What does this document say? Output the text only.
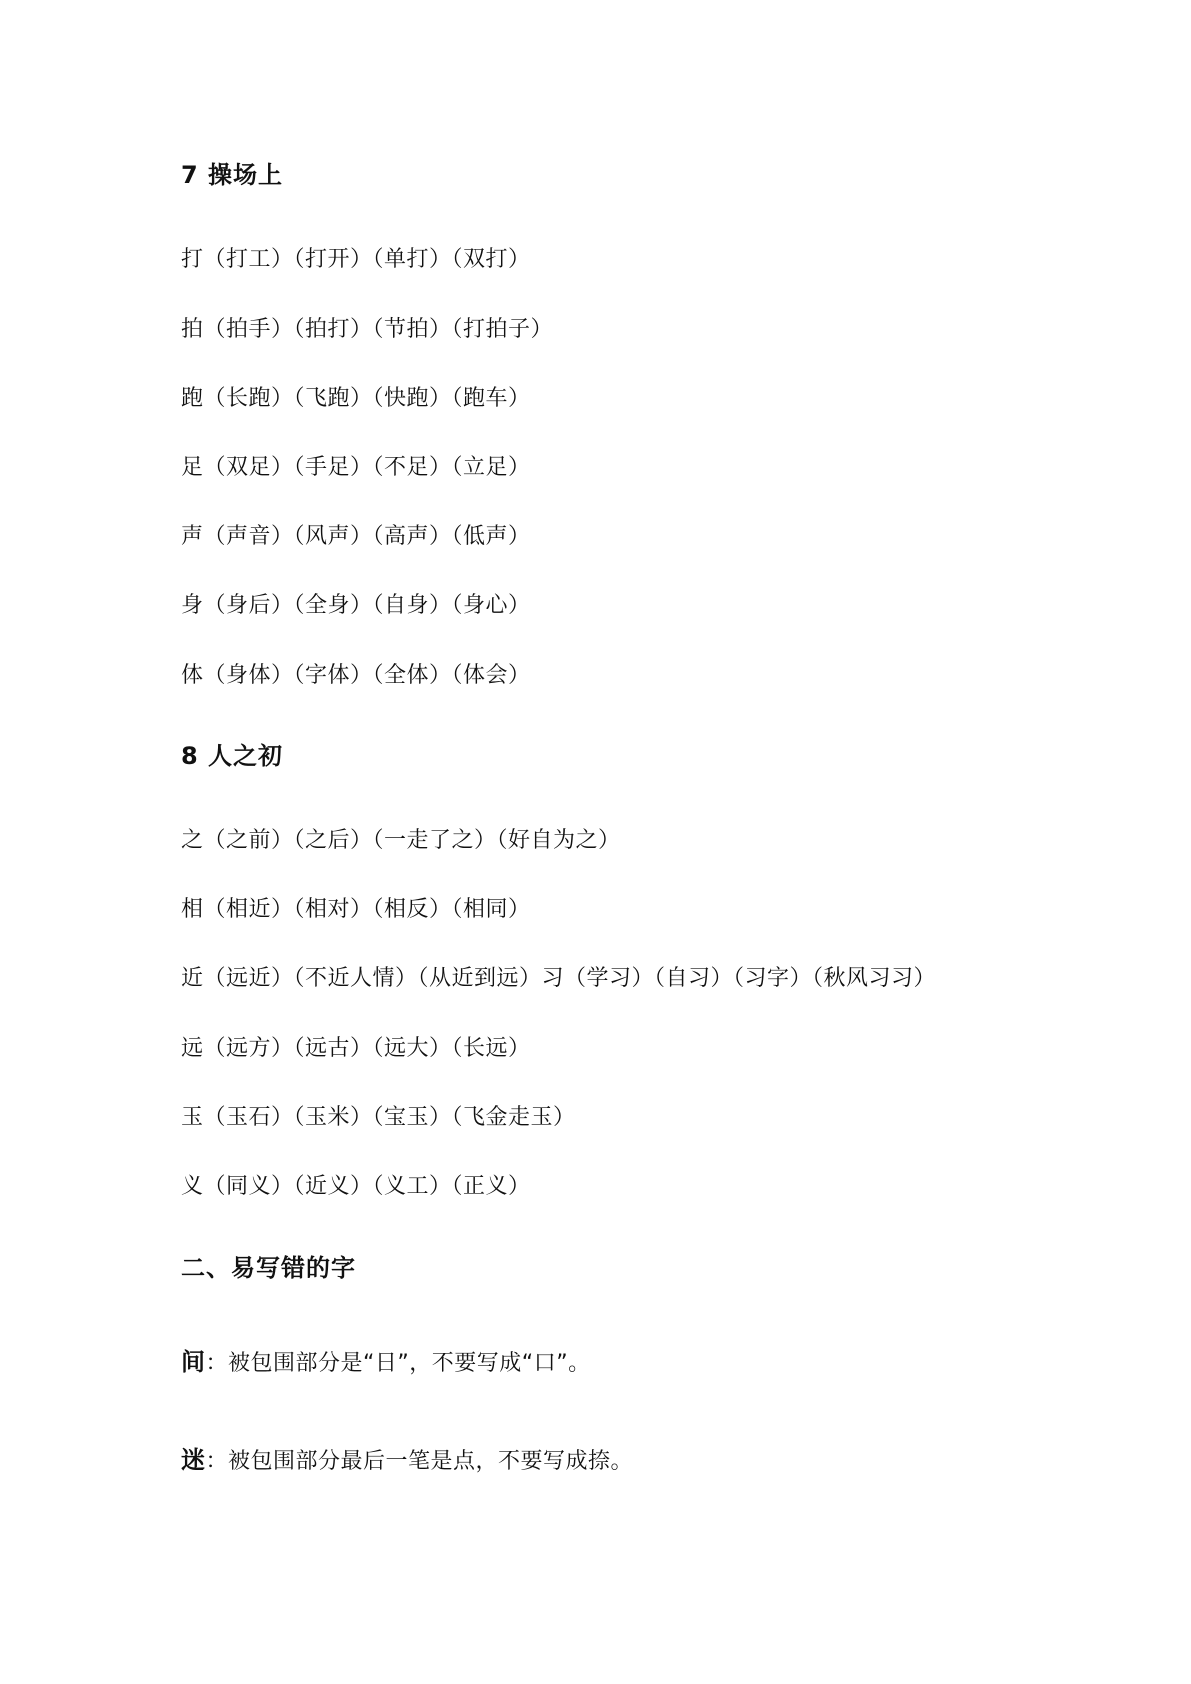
7 操场上
打（打工）（打开）（单打）（双打）
拍（拍手）（拍打）（节拍）（打拍子）
跑（长跑）（飞跑）（快跑）（跑车）
足（双足）（手足）（不足）（立足）
声（声音）（风声）（高声）（低声）
身（身后）（全身）（自身）（身心）
体（身体）（字体）（全体）（体会）
8 人之初
之（之前）（之后）（一走了之）（好自为之）
相（相近）（相对）（相反）（相同）
近（远近）（不近人情）（从近到远）习（学习）（自习）（习字）（秋风习习）
远（远方）（远古）（远大）（长远）
玉（玉石）（玉米）（宝玉）（飞金走玉）
义（同义）（近义）（义工）（正义）
二、易写错的字
间：被包围部分是“日”，不要写成“口”。
迷：被包围部分最后一笔是点，不要写成捺。
